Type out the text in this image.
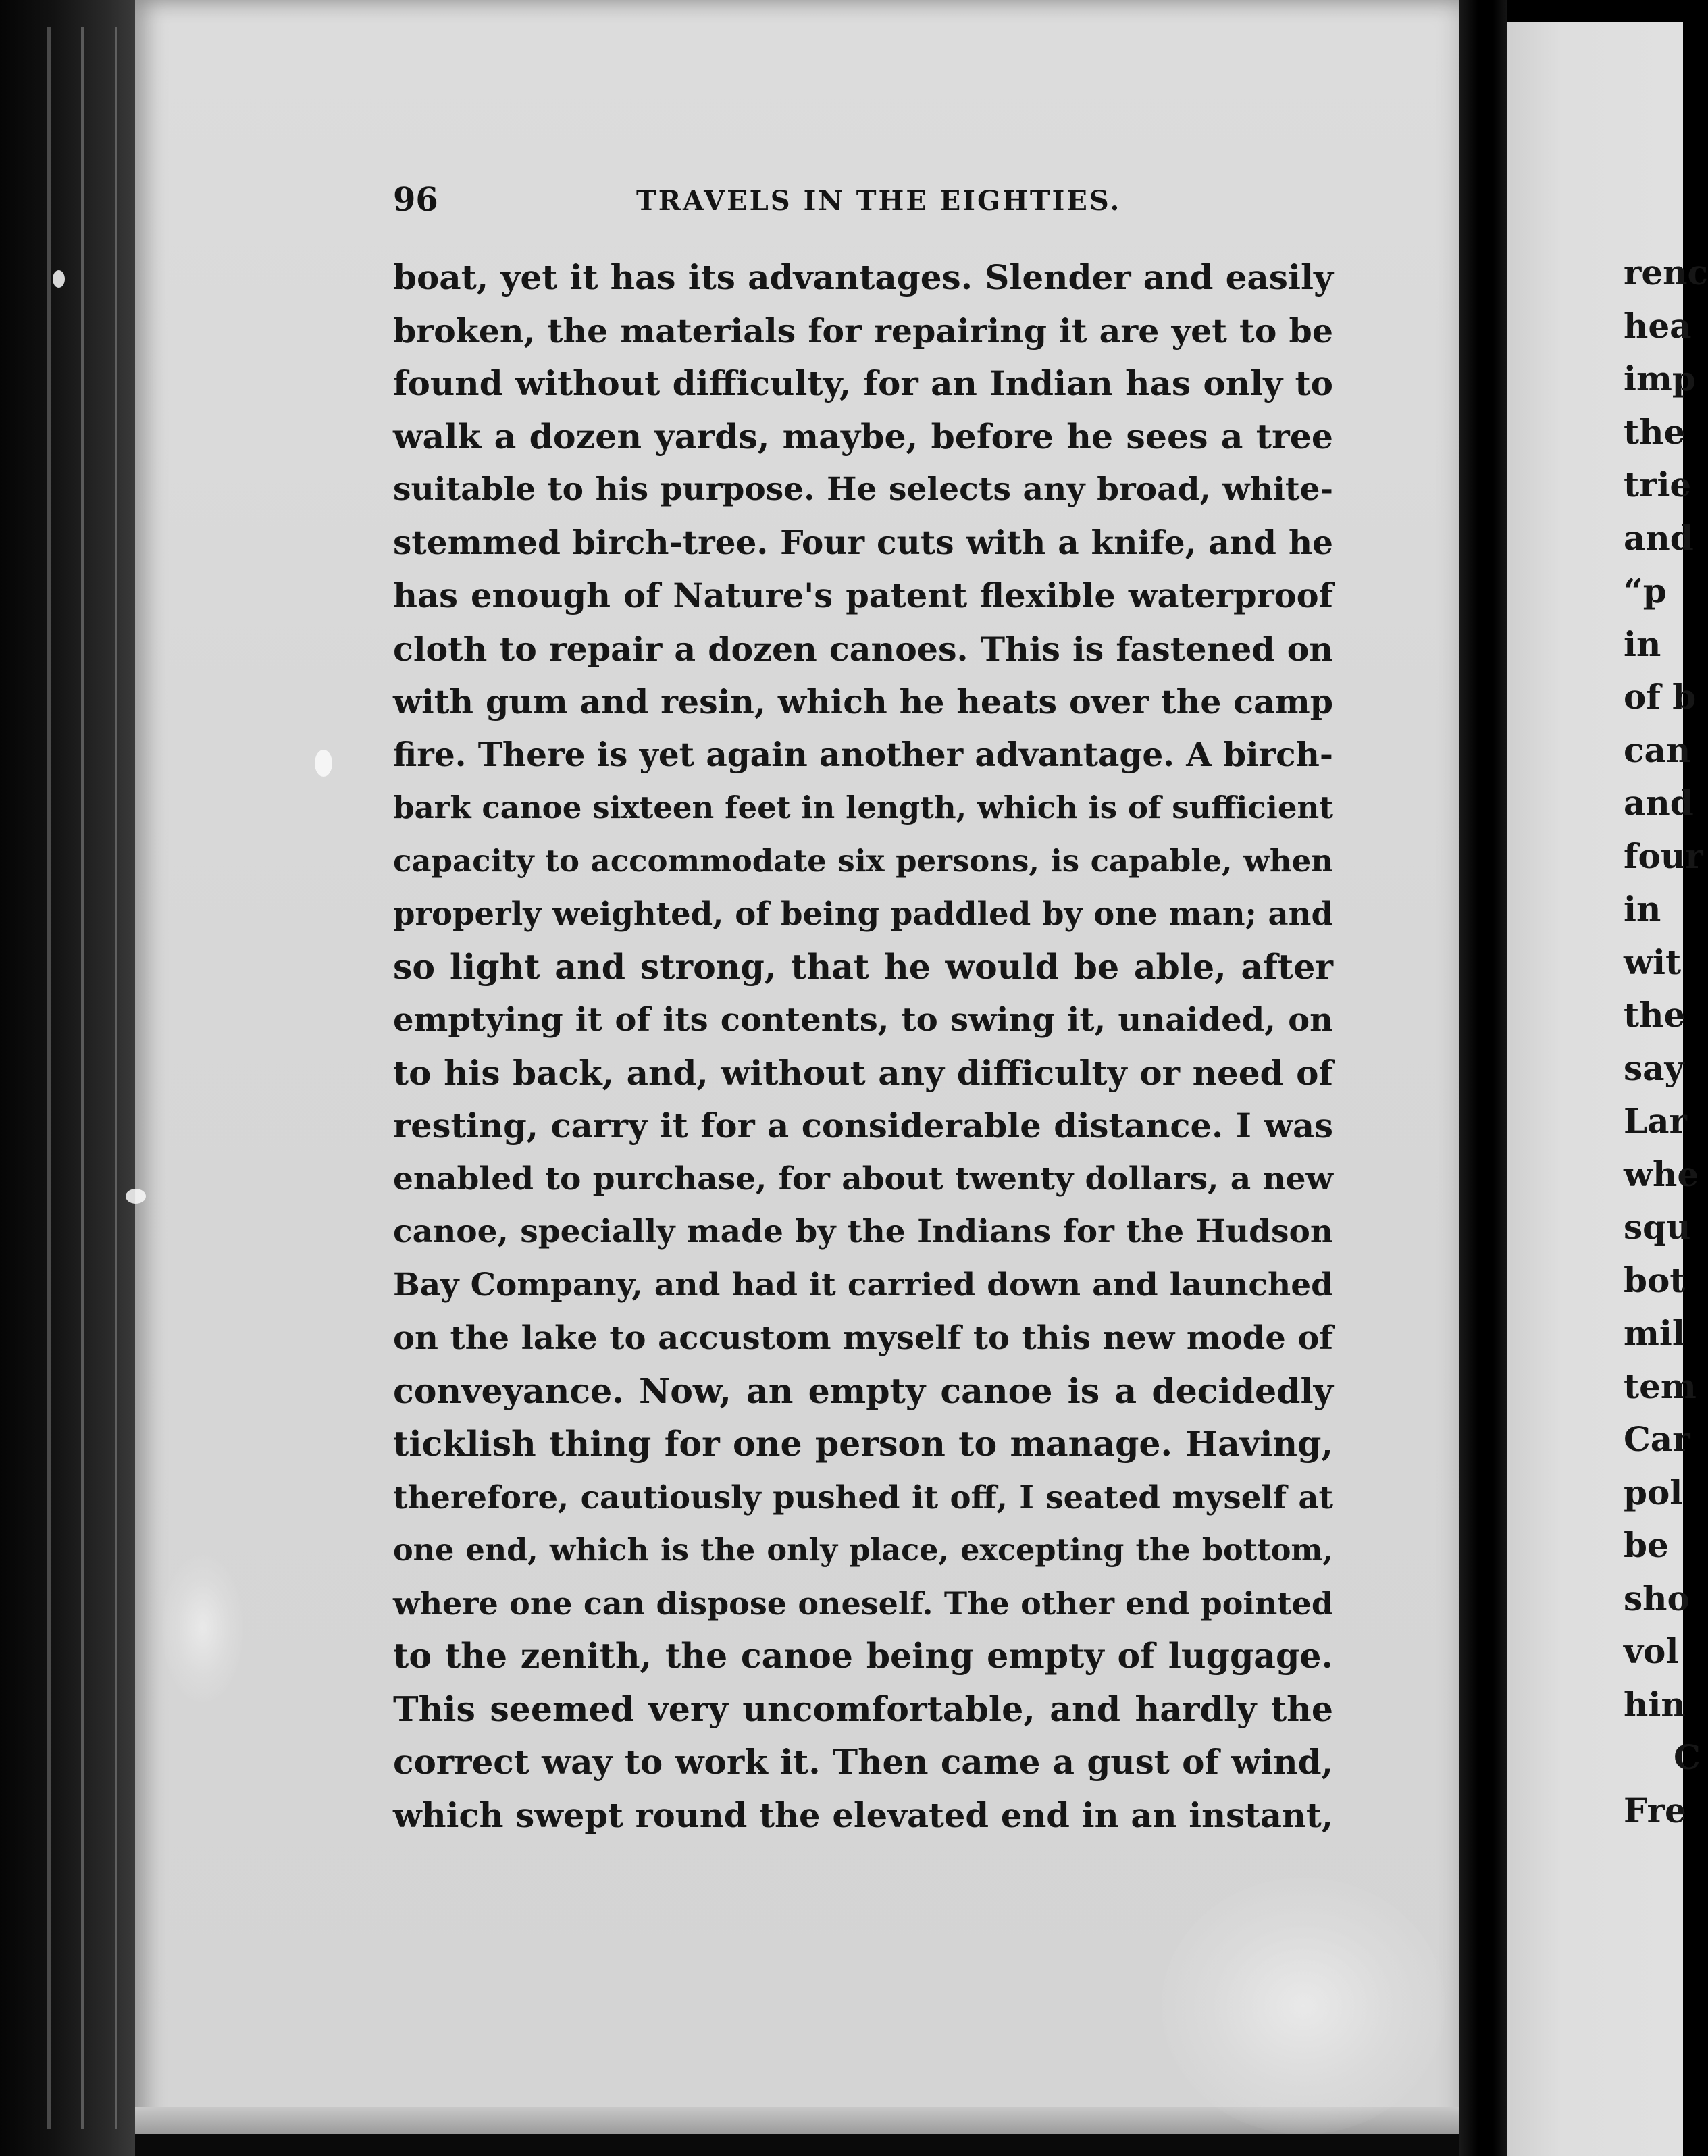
96	TRAVELS IN THE EIGHTIES.
boat, yet it has its advantages. Slender and easily
broken, the materials for repairing it are yet to be
found without difficulty, for an Indian has only to
walk a dozen yards, maybe, before he sees a tree
suitable to his purpose. He selects any broad, white-
stemmed birch-tree. Four cuts with a knife, and he
has enough of Nature's patent flexible waterproof
cloth to repair a dozen canoes. This is fastened on
with gum and resin, which he heats over the camp
fire. There is yet again another advantage. A birch-
bark canoe sixteen feet in length, which is of sufficient
capacity to accommodate six persons, is capable, when
properly weighted, of being paddled by one man; and
so light and strong, that he would be able, after
emptying it of its contents, to swing it, unaided, on
to his back, and, without any difficulty or need of
resting, carry it for a considerable distance. I was
enabled to purchase, for about twenty dollars, a new
canoe, specially made by the Indians for the Hudson
Bay Company, and had it carried down and launched
on the lake to accustom myself to this new mode of
conveyance. Now, an empty canoe is a decidedly
ticklish thing for one person to manage. Having,
therefore, cautiously pushed it off, I seated myself at
one end, which is the only place, excepting the bottom,
where one can dispose oneself. The other end pointed
to the zenith, the canoe being empty of luggage.
This seemed very uncomfortable, and hardly the
correct way to work it. Then came a gust of wind,
which swept round the elevated end in an instant,
renc
hea
imp
the
trie
and
“p
in
of b
can
and
four
in
wit
the
say
Lar
whe
squ
bot
mil
tem
Car
pol
be
sho
vol
hin
C
Fre
